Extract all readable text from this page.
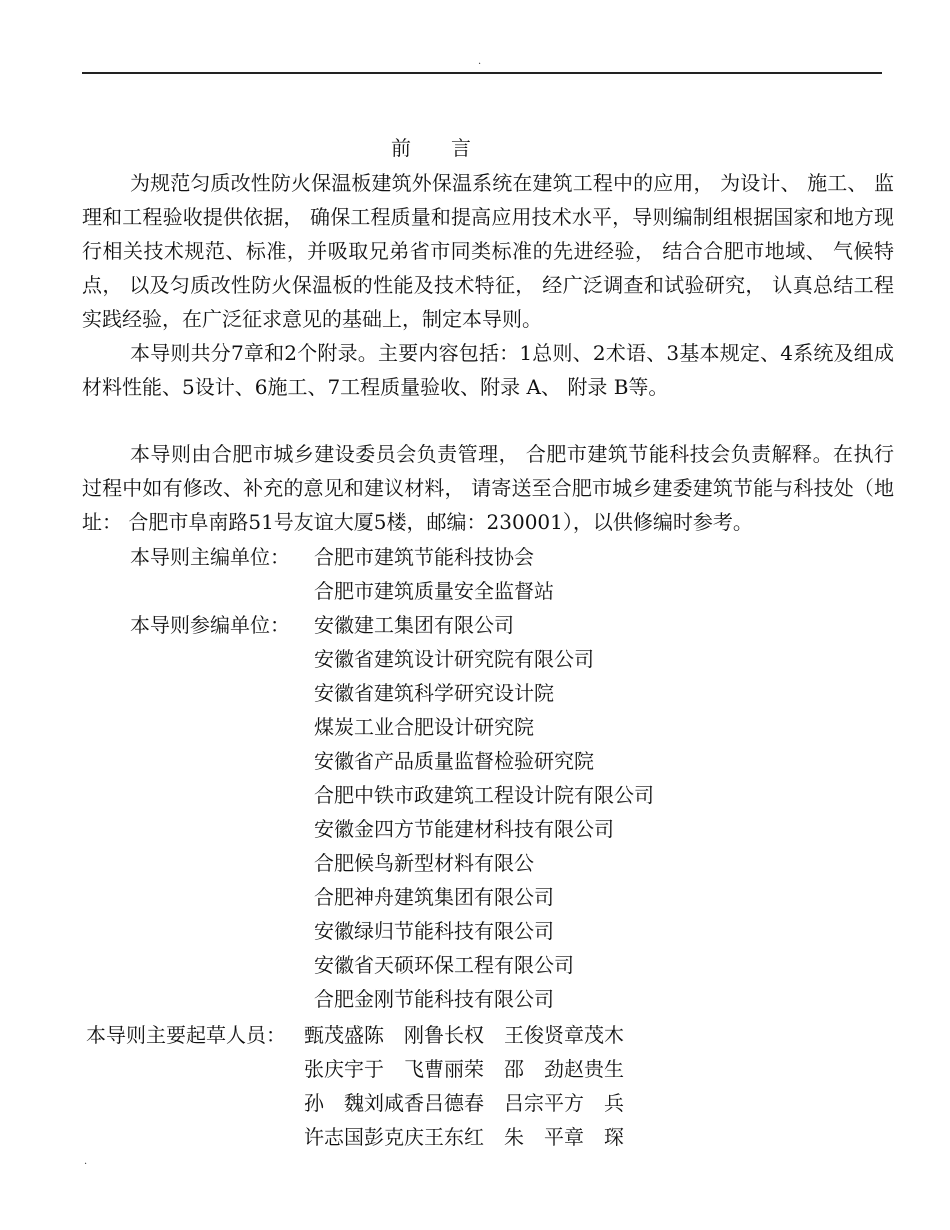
·
前　　言

为规范匀质改性防火保温板建筑外保温系统在建筑工程中的应用， 为设计、 施工、 监理和工程验收提供依据， 确保工程质量和提高应用技术水平，导则编制组根据国家和地方现行相关技术规范、标准，并吸取兄弟省市同类标准的先进经验， 结合合肥市地域、 气候特点， 以及匀质改性防火保温板的性能及技术特征， 经广泛调查和试验研究， 认真总结工程实践经验，在广泛征求意见的基础上，制定本导则。

本导则共分7章和2个附录。主要内容包括：1总则、2术语、3基本规定、4系统及组成材料性能、5设计、6施工、7工程质量验收、附录 A、 附录 B等。

本导则由合肥市城乡建设委员会负责管理， 合肥市建筑节能科技会负责解释。在执行过程中如有修改、补充的意见和建议材料， 请寄送至合肥市城乡建委建筑节能与科技处（地址： 合肥市阜南路51号友谊大厦5楼，邮编：230001），以供修编时参考。

本导则主编单位： 合肥市建筑节能科技协会
合肥市建筑质量安全监督站
本导则参编单位： 安徽建工集团有限公司
安徽省建筑设计研究院有限公司
安徽省建筑科学研究设计院
煤炭工业合肥设计研究院
安徽省产品质量监督检验研究院
合肥中铁市政建筑工程设计院有限公司
安徽金四方节能建材科技有限公司
合肥候鸟新型材料有限公
合肥神舟建筑集团有限公司
安徽绿归节能科技有限公司
安徽省天硕环保工程有限公司
合肥金刚节能科技有限公司
本导则主要起草人员： 甄茂盛陈　刚鲁长权　王俊贤章茂木
张庆宇于　飞曹丽荣　邵　劲赵贵生
孙　魏刘咸香吕德春　吕宗平方　兵
许志国彭克庆王东红　朱　平章　琛
·
